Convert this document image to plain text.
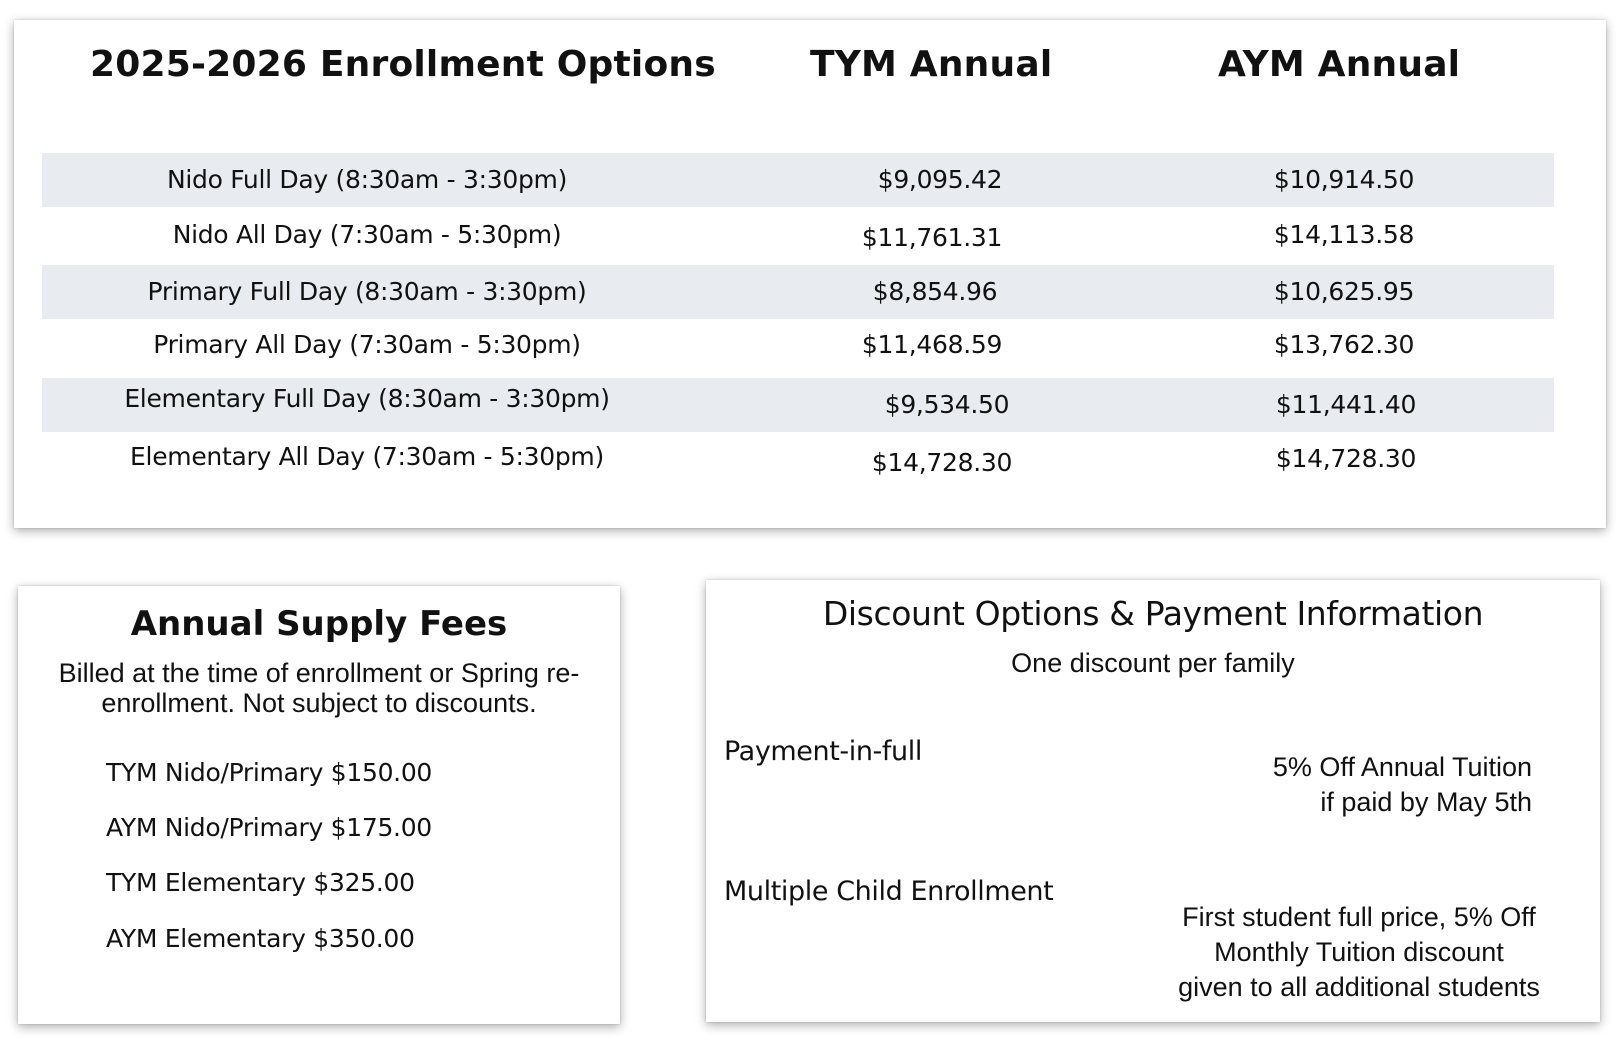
2025-2026 Enrollment Options	TYM Annual	AYM Annual
Nido Full Day (8:30am - 3:30pm)	$9,095.42	$10,914.50
Nido All Day (7:30am - 5:30pm)	$11,761.31	$14,113.58
Primary Full Day (8:30am - 3:30pm)	$8,854.96	$10,625.95
Primary All Day (7:30am - 5:30pm)	$11,468.59	$13,762.30
Elementary Full Day (8:30am - 3:30pm)	$9,534.50	$11,441.40
Elementary All Day (7:30am - 5:30pm)	$14,728.30	$14,728.30
Annual Supply Fees
Billed at the time of enrollment or Spring re-enrollment. Not subject to discounts.
TYM Nido/Primary $150.00
AYM Nido/Primary $175.00
TYM Elementary $325.00
AYM Elementary $350.00
Discount Options & Payment Information
One discount per family
Payment-in-full	5% Off Annual Tuition
if paid by May 5th
Multiple Child Enrollment
First student full price, 5% Off
Monthly Tuition discount
given to all additional students
